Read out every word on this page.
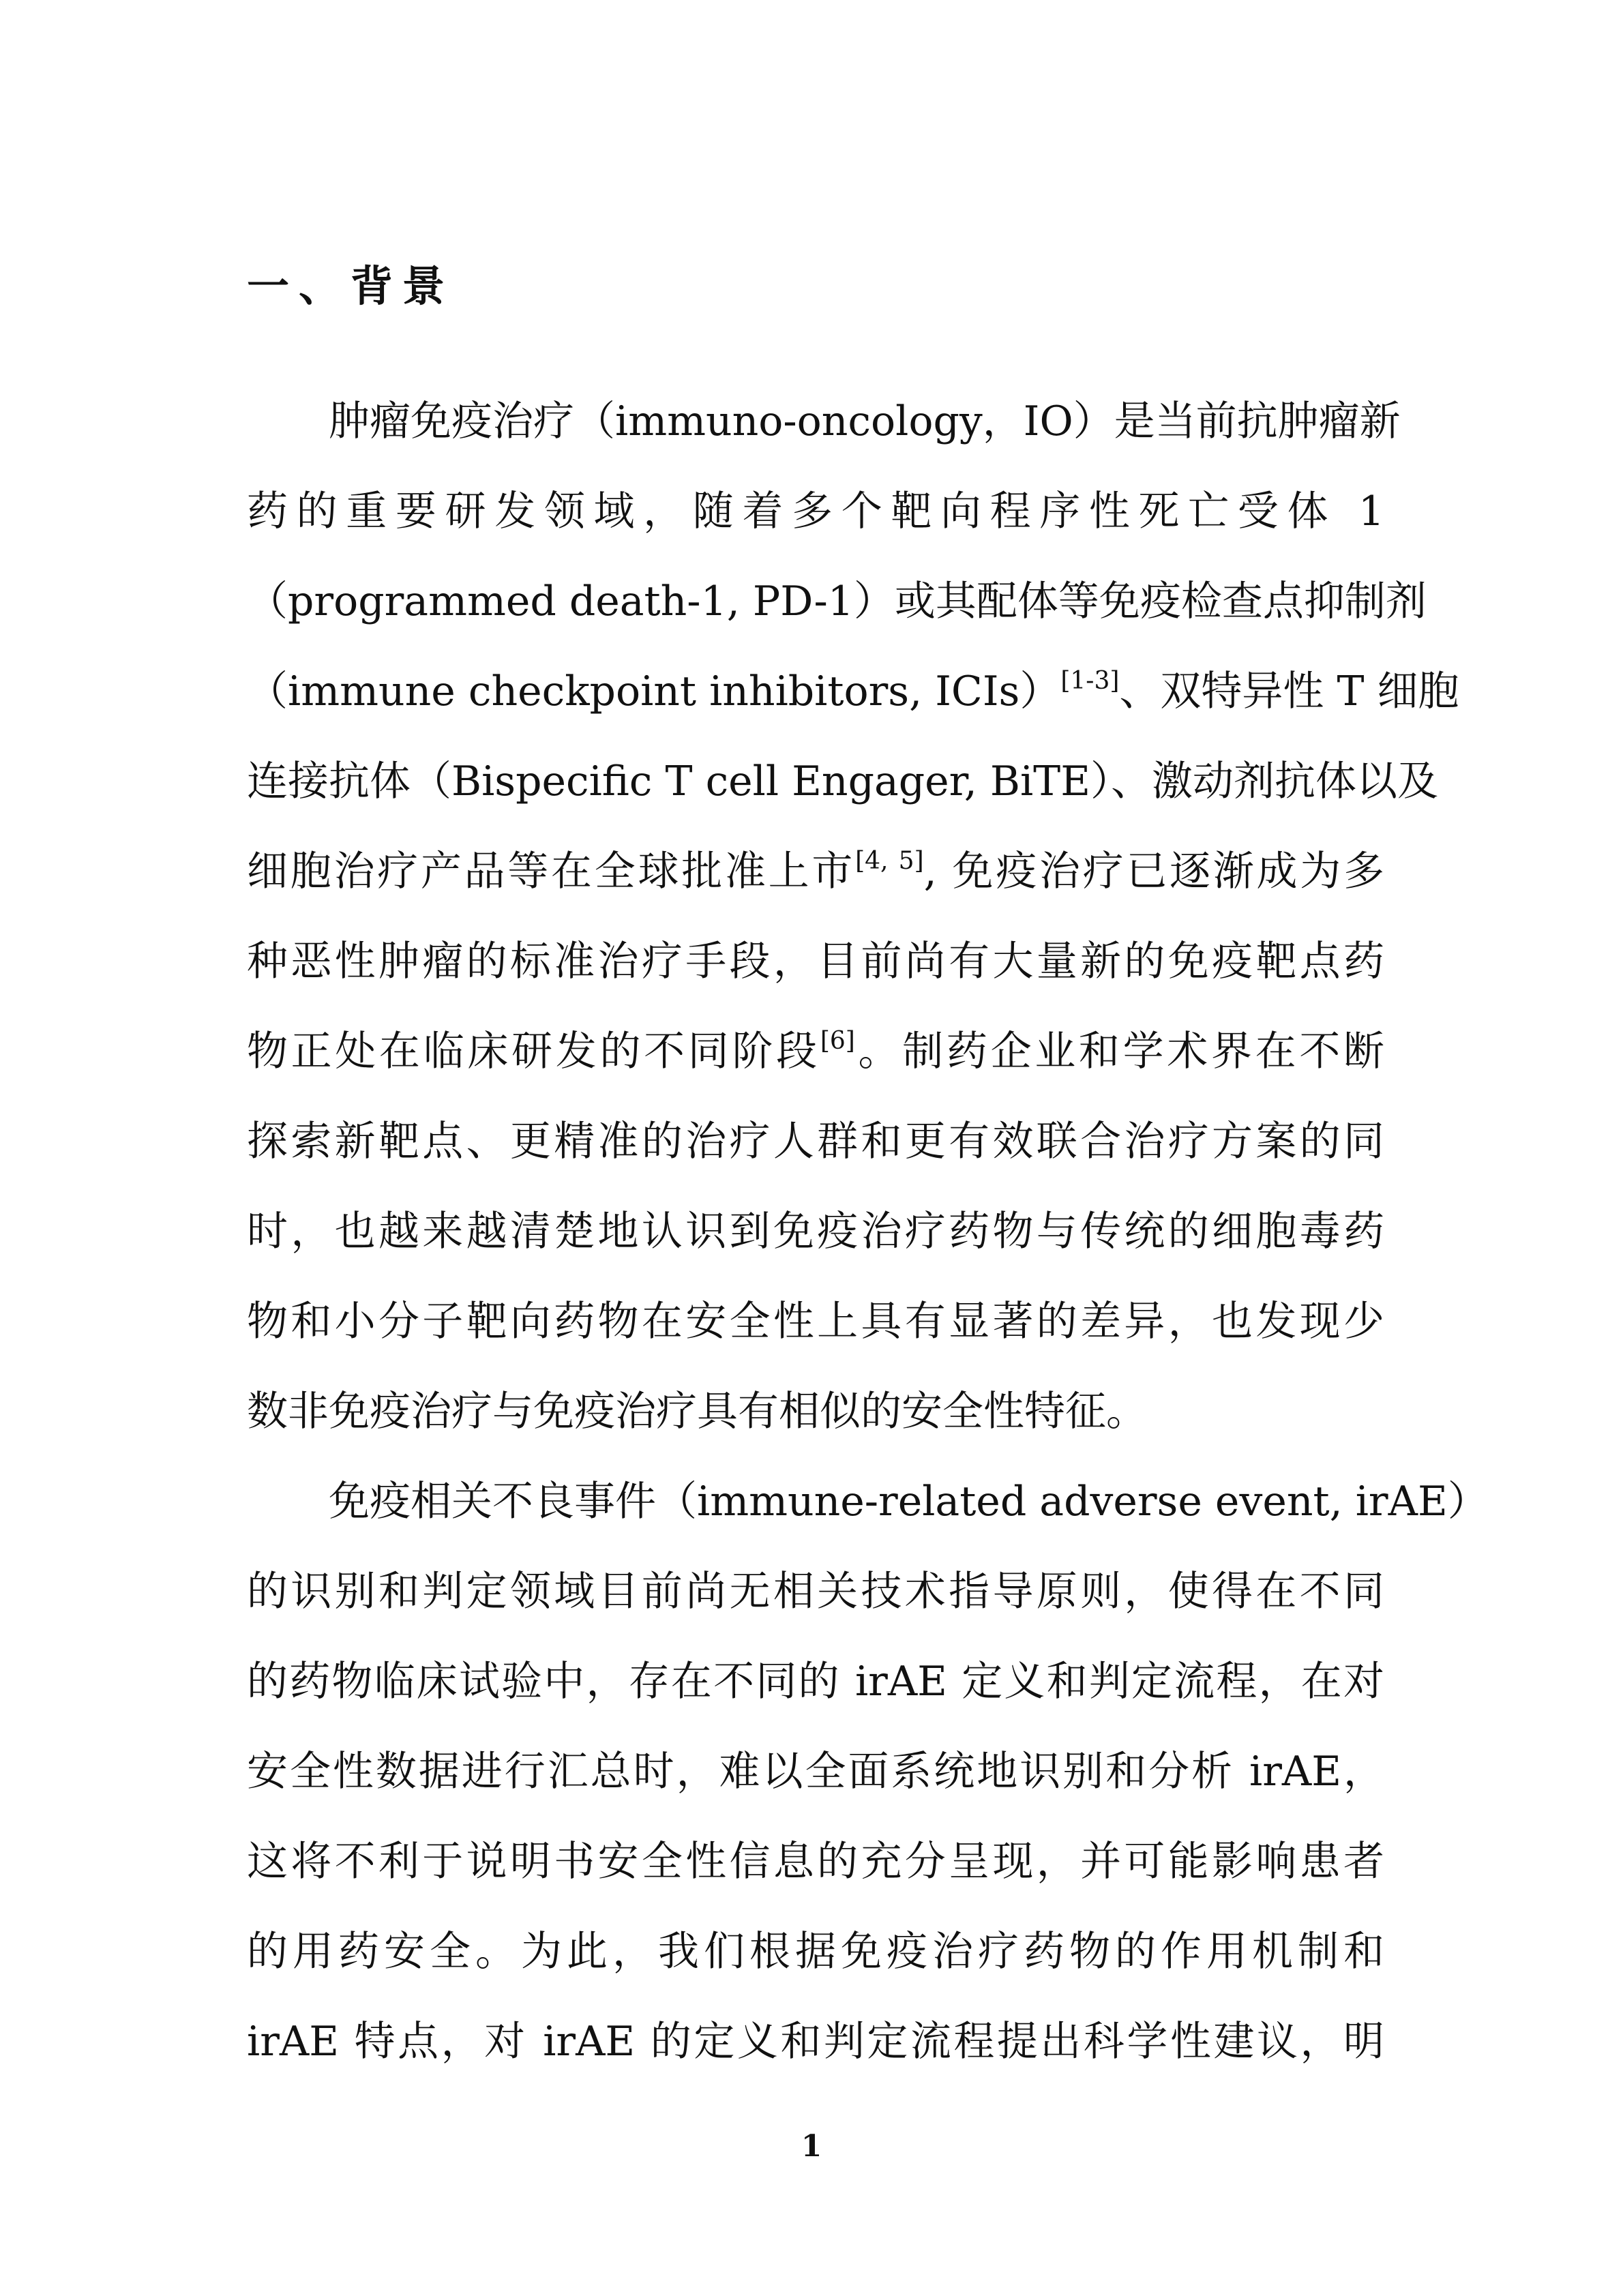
一、背景
　　肿瘤免疫治疗（immuno-oncology，IO）是当前抗肿瘤新
药的重要研发领域，随着多个靶向程序性死亡受体 1
（programmed death-1, PD-1）或其配体等免疫检查点抑制剂
（immune checkpoint inhibitors, ICIs）[1-3]、双特异性 T 细胞
连接抗体（Bispecific T cell Engager, BiTE）、激动剂抗体以及
细胞治疗产品等在全球批准上市[4, 5], 免疫治疗已逐渐成为多
种恶性肿瘤的标准治疗手段，目前尚有大量新的免疫靶点药
物正处在临床研发的不同阶段[6]。制药企业和学术界在不断
探索新靶点、更精准的治疗人群和更有效联合治疗方案的同
时，也越来越清楚地认识到免疫治疗药物与传统的细胞毒药
物和小分子靶向药物在安全性上具有显著的差异，也发现少
数非免疫治疗与免疫治疗具有相似的安全性特征。
　　免疫相关不良事件（immune-related adverse event, irAE）
的识别和判定领域目前尚无相关技术指导原则，使得在不同
的药物临床试验中，存在不同的 irAE 定义和判定流程，在对
安全性数据进行汇总时，难以全面系统地识别和分析 irAE，
这将不利于说明书安全性信息的充分呈现，并可能影响患者
的用药安全。为此，我们根据免疫治疗药物的作用机制和
irAE 特点，对 irAE 的定义和判定流程提出科学性建议，明
1
